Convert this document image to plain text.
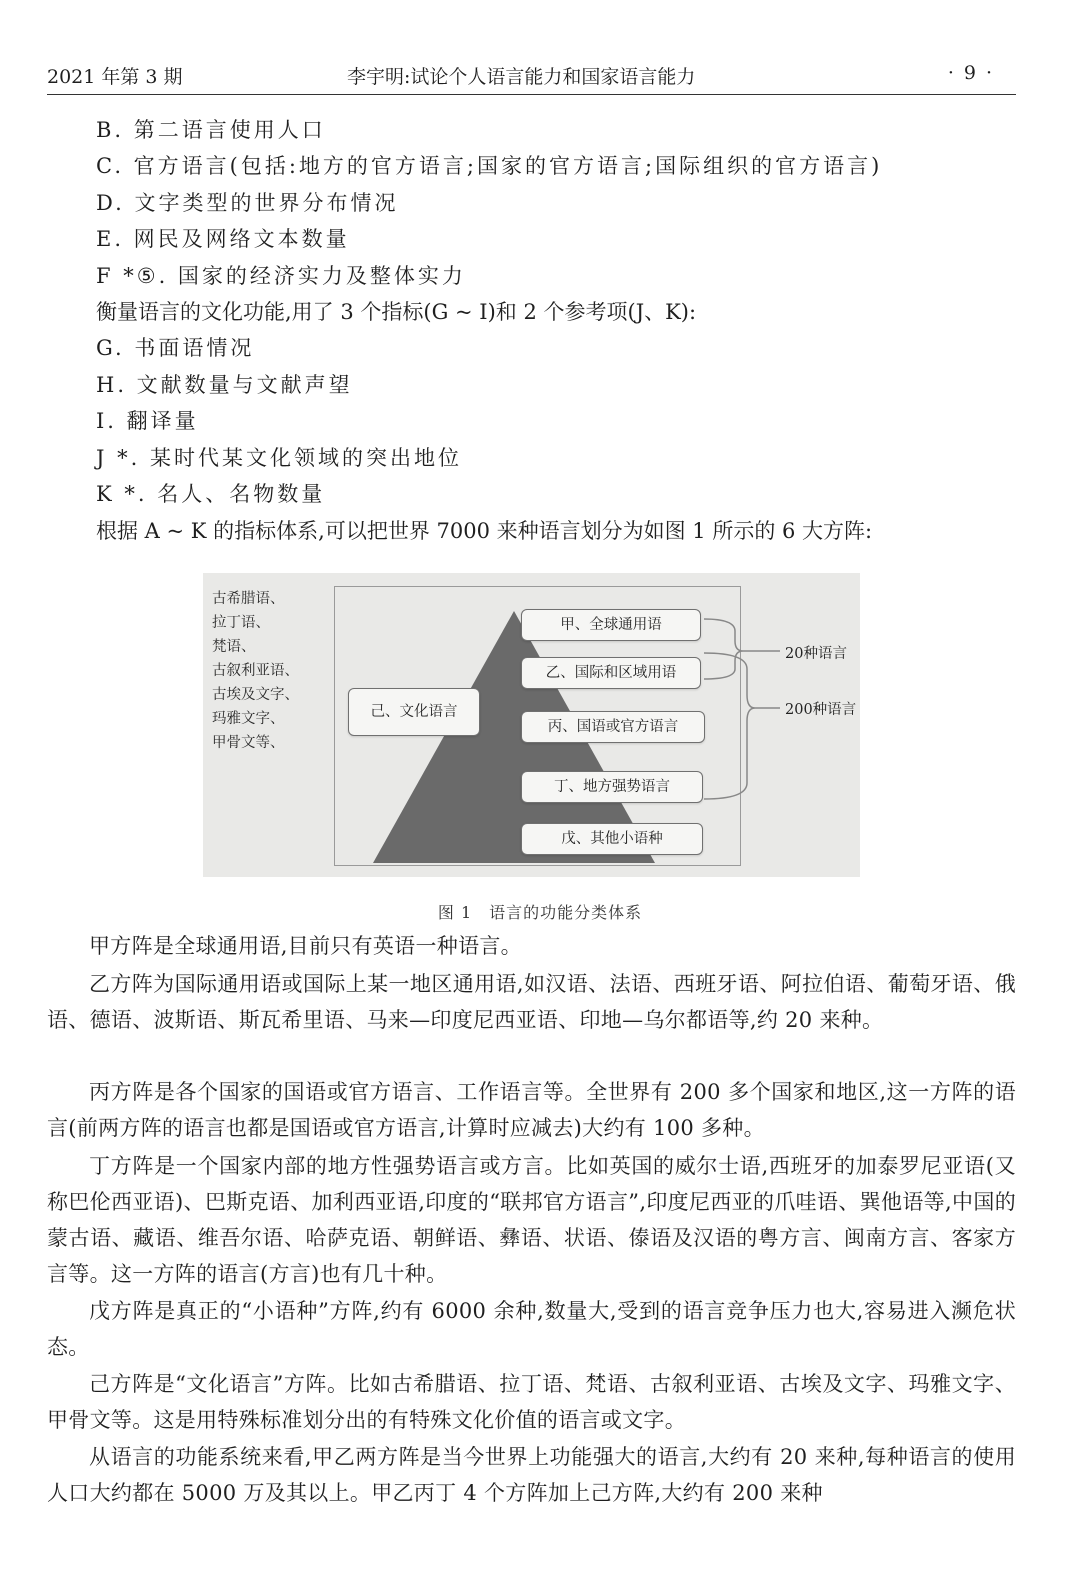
2021 年第 3 期	李宇明:试论个人语言能力和国家语言能力	·9·
B. 第二语言使用人口
C. 官方语言(包括:地方的官方语言;国家的官方语言;国际组织的官方语言)
D. 文字类型的世界分布情况
E. 网民及网络文本数量
F *⑤. 国家的经济实力及整体实力
衡量语言的文化功能,用了 3 个指标(G ~ I)和 2 个参考项(J、K):
G. 书面语情况
H. 文献数量与文献声望
I. 翻译量
J *. 某时代某文化领域的突出地位
K *. 名人、名物数量
根据 A ~ K 的指标体系,可以把世界 7000 来种语言划分为如图 1 所示的 6 大方阵:
古希腊语、
拉丁语、
梵语、
古叙利亚语、
古埃及文字、
玛雅文字、
甲骨文等、
己、文化语言
甲、全球通用语
乙、国际和区域用语
丙、国语或官方语言
丁、地方强势语言
戊、其他小语种
20种语言
200种语言
图 1　语言的功能分类体系
甲方阵是全球通用语,目前只有英语一种语言。
乙方阵为国际通用语或国际上某一地区通用语,如汉语、法语、西班牙语、阿拉伯语、葡萄牙语、俄语、德语、波斯语、斯瓦希里语、马来—印度尼西亚语、印地—乌尔都语等,约 20 来种。
丙方阵是各个国家的国语或官方语言、工作语言等。全世界有 200 多个国家和地区,这一方阵的语言(前两方阵的语言也都是国语或官方语言,计算时应减去)大约有 100 多种。
丁方阵是一个国家内部的地方性强势语言或方言。比如英国的威尔士语,西班牙的加泰罗尼亚语(又称巴伦西亚语)、巴斯克语、加利西亚语,印度的“联邦官方语言”,印度尼西亚的爪哇语、巽他语等,中国的蒙古语、藏语、维吾尔语、哈萨克语、朝鲜语、彝语、状语、傣语及汉语的粤方言、闽南方言、客家方言等。这一方阵的语言(方言)也有几十种。
戊方阵是真正的“小语种”方阵,约有 6000 余种,数量大,受到的语言竞争压力也大,容易进入濒危状态。
己方阵是“文化语言”方阵。比如古希腊语、拉丁语、梵语、古叙利亚语、古埃及文字、玛雅文字、甲骨文等。这是用特殊标准划分出的有特殊文化价值的语言或文字。
从语言的功能系统来看,甲乙两方阵是当今世界上功能强大的语言,大约有 20 来种,每种语言的使用人口大约都在 5000 万及其以上。甲乙丙丁 4 个方阵加上己方阵,大约有 200 来种
